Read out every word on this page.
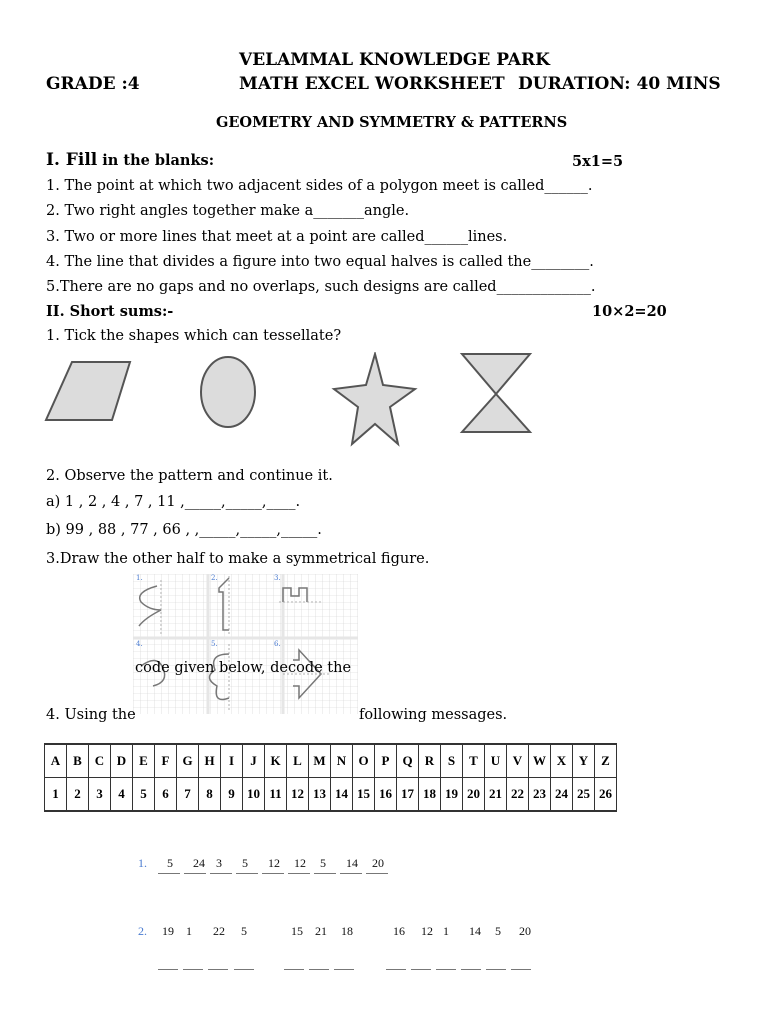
VELAMMAL KNOWLEDGE PARK
GRADE :4	MATH EXCEL WORKSHEET DURATION: 40 MINS
GEOMETRY AND SYMMETRY & PATTERNS
I. Fill in the blanks:	5x1=5
1. The point at which two adjacent sides of a polygon meet is called______.
2. Two right angles together make a_______angle.
3. Two or more lines that meet at a point are called______lines.
4. The line that divides a figure into two equal halves is called the________.
5.There are no gaps and no overlaps, such designs are called_____________.
II. Short sums:-	10×2=20
1. Tick the shapes which can tessellate?
2. Observe the pattern and continue it.
a) 1 , 2 , 4 , 7 , 11 ,_____,_____,____.
b) 99 , 88 , 77 , 66 , ,_____,_____,_____.
3.Draw the other half to make a symmetrical figure.
1.	2.	3.
4.	5.	6.
code given below, decode the
4. Using the	following messages.
A	B	C	D	E	F	G	H	I	J	K	L	M	N	O	P	Q	R	S	T	U	V	W	X	Y	Z
1	2	3	4	5	6	7	8	9	10	11	12	13	14	15	16	17	18	19	20	21	22	23	24	25	26
1. 5 24 3 5 12 12 5 14 20
2. 19 1 22 5	15 21 18	16 12 1 14 5 20
